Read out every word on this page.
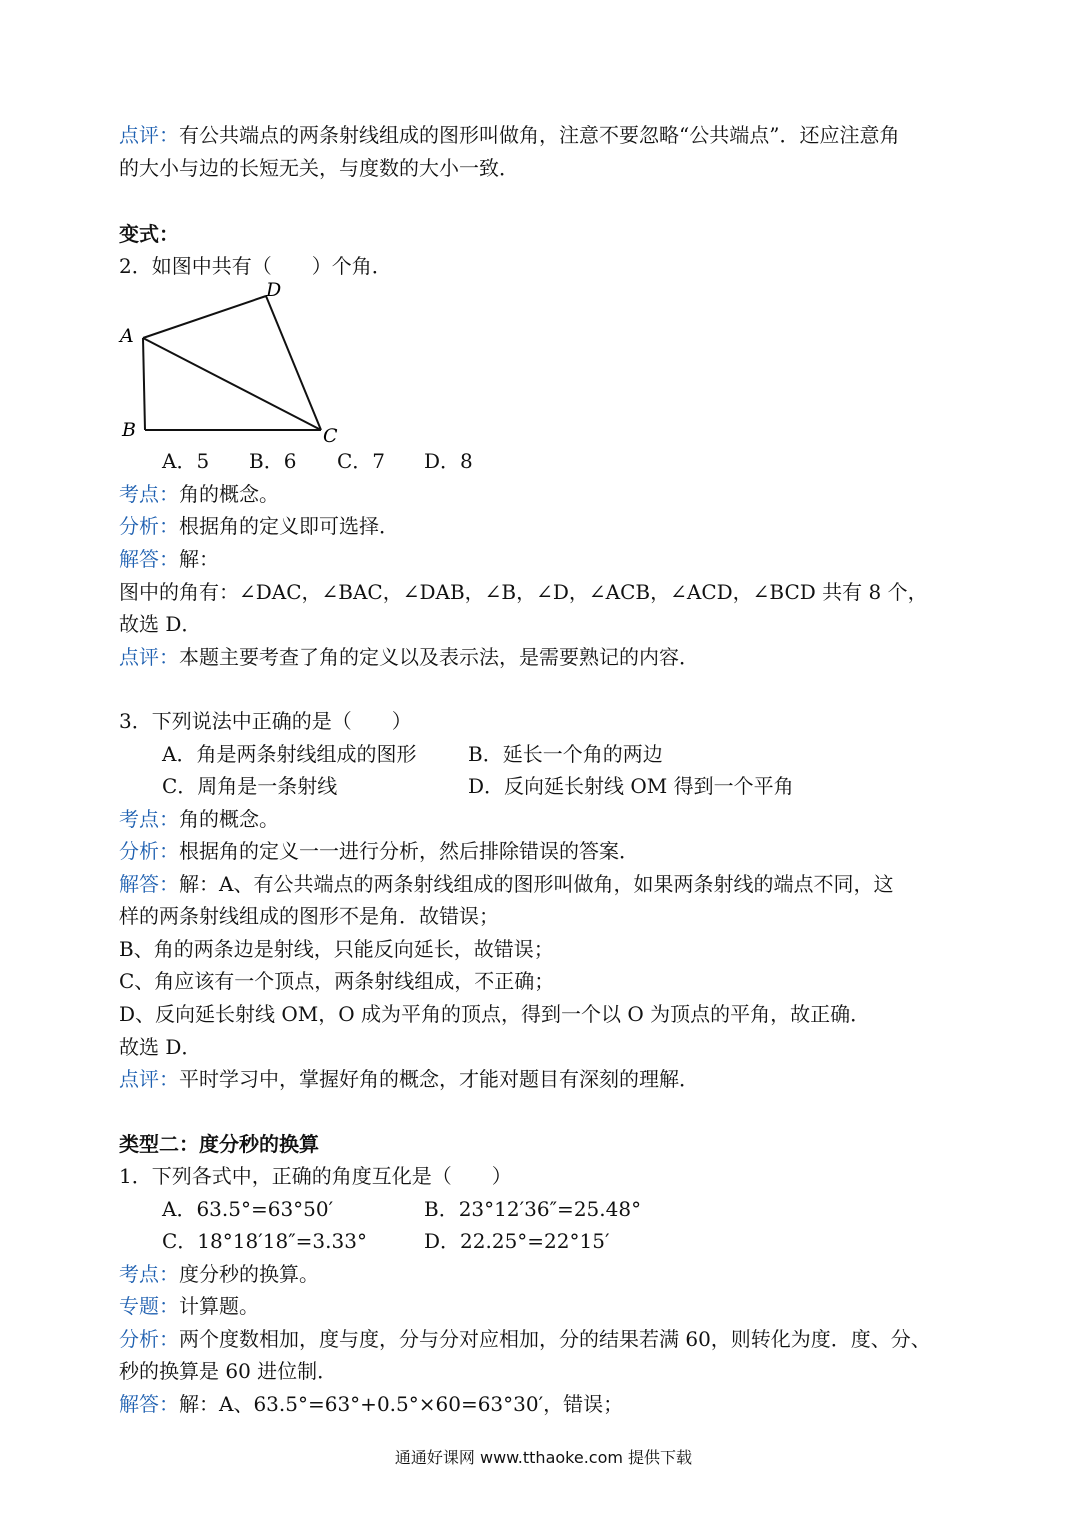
点评：有公共端点的两条射线组成的图形叫做角，注意不要忽略“公共端点”．还应注意角
的大小与边的长短无关，与度数的大小一致．
变式：
2．如图中共有（　　）个角．
A
B	C
D
A．5 B．6 C．7 D．8
考点：角的概念。
分析：根据角的定义即可选择．
解答：解：
图中的角有：∠DAC，∠BAC，∠DAB，∠B，∠D，∠ACB，∠ACD，∠BCD 共有 8 个，
故选 D．
点评：本题主要考查了角的定义以及表示法，是需要熟记的内容．
3．下列说法中正确的是（　　）
A．角是两条射线组成的图形	B．延长一个角的两边
C．周角是一条射线	D．反向延长射线 OM 得到一个平角
考点：角的概念。
分析：根据角的定义一一进行分析，然后排除错误的答案．
解答：解：A、有公共端点的两条射线组成的图形叫做角，如果两条射线的端点不同，这
样的两条射线组成的图形不是角．故错误；
B、角的两条边是射线，只能反向延长，故错误；
C、角应该有一个顶点，两条射线组成，不正确；
D、反向延长射线 OM，O 成为平角的顶点，得到一个以 O 为顶点的平角，故正确．
故选 D．
点评：平时学习中，掌握好角的概念，才能对题目有深刻的理解．
类型二：度分秒的换算
1．下列各式中，正确的角度互化是（　　）
A．63.5°=63°50′	B．23°12′36″=25.48°
C．18°18′18″=3.33°	D．22.25°=22°15′
考点：度分秒的换算。
专题：计算题。
分析：两个度数相加，度与度，分与分对应相加，分的结果若满 60，则转化为度．度、分、
秒的换算是 60 进位制．
解答：解：A、63.5°=63°+0.5°×60=63°30′，错误；
通通好课网 www.tthaoke.com 提供下载
